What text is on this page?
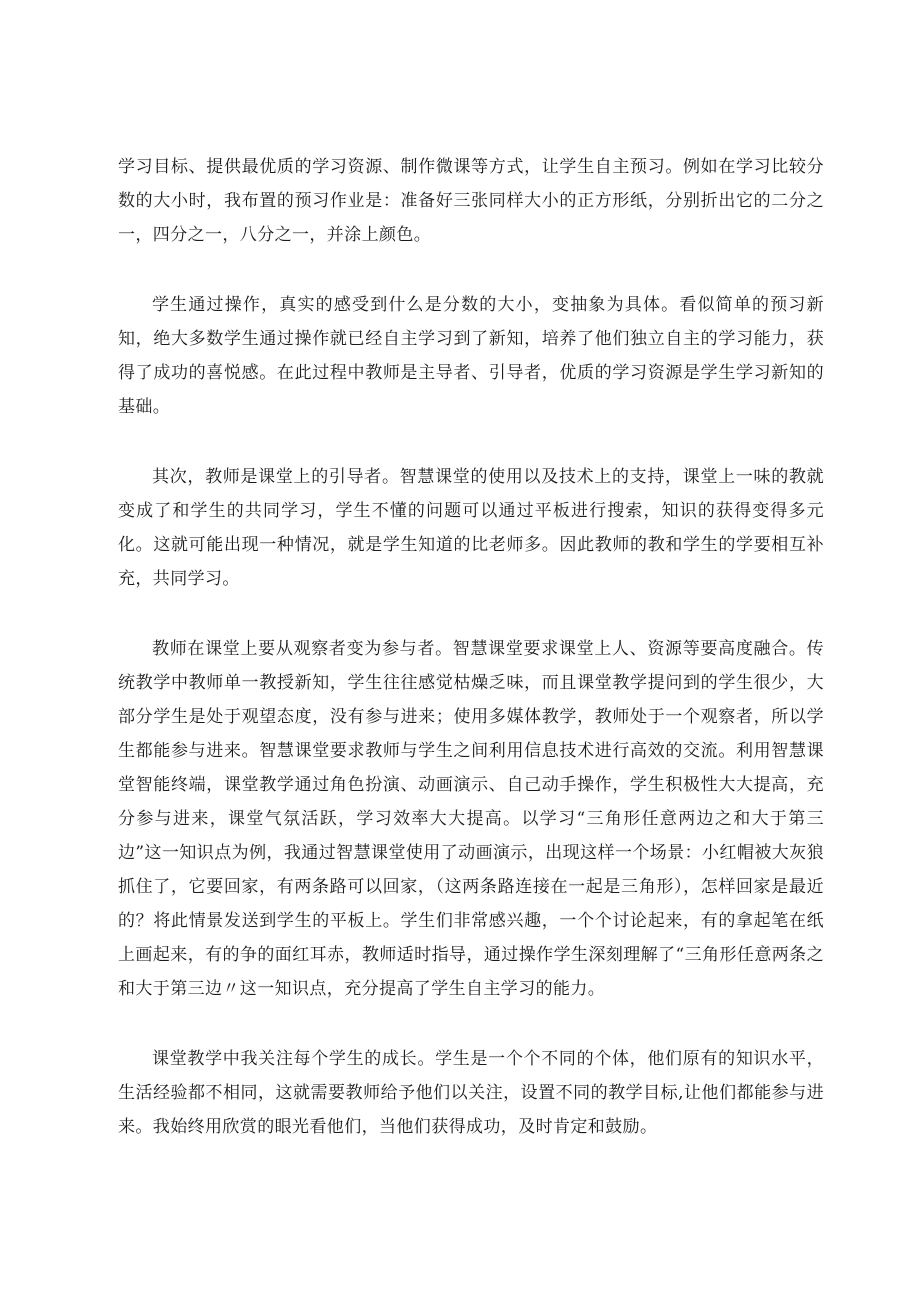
学习目标、提供最优质的学习资源、制作微课等方式，让学生自主预习。例如在学习比较分数的大小时，我布置的预习作业是：准备好三张同样大小的正方形纸，分别折出它的二分之一，四分之一，八分之一，并涂上颜色。

学生通过操作，真实的感受到什么是分数的大小，变抽象为具体。看似简单的预习新知，绝大多数学生通过操作就已经自主学习到了新知，培养了他们独立自主的学习能力，获得了成功的喜悦感。在此过程中教师是主导者、引导者，优质的学习资源是学生学习新知的基础。

其次，教师是课堂上的引导者。智慧课堂的使用以及技术上的支持，课堂上一味的教就变成了和学生的共同学习，学生不懂的问题可以通过平板进行搜索，知识的获得变得多元化。这就可能出现一种情况，就是学生知道的比老师多。因此教师的教和学生的学要相互补充，共同学习。

教师在课堂上要从观察者变为参与者。智慧课堂要求课堂上人、资源等要高度融合。传统教学中教师单一教授新知，学生往往感觉枯燥乏味，而且课堂教学提问到的学生很少，大部分学生是处于观望态度，没有参与进来；使用多媒体教学，教师处于一个观察者，所以学生都能参与进来。智慧课堂要求教师与学生之间利用信息技术进行高效的交流。利用智慧课堂智能终端，课堂教学通过角色扮演、动画演示、自己动手操作，学生积极性大大提高，充分参与进来，课堂气氛活跃，学习效率大大提高。以学习“三角形任意两边之和大于第三边”这一知识点为例，我通过智慧课堂使用了动画演示，出现这样一个场景：小红帽被大灰狼抓住了，它要回家，有两条路可以回家，（这两条路连接在一起是三角形），怎样回家是最近的？将此情景发送到学生的平板上。学生们非常感兴趣，一个个讨论起来，有的拿起笔在纸上画起来，有的争的面红耳赤，教师适时指导，通过操作学生深刻理解了“三角形任意两条之和大于第三边〃这一知识点，充分提高了学生自主学习的能力。

课堂教学中我关注每个学生的成长。学生是一个个不同的个体，他们原有的知识水平，生活经验都不相同，这就需要教师给予他们以关注，设置不同的教学目标,让他们都能参与进来。我始终用欣赏的眼光看他们，当他们获得成功，及时肯定和鼓励。
